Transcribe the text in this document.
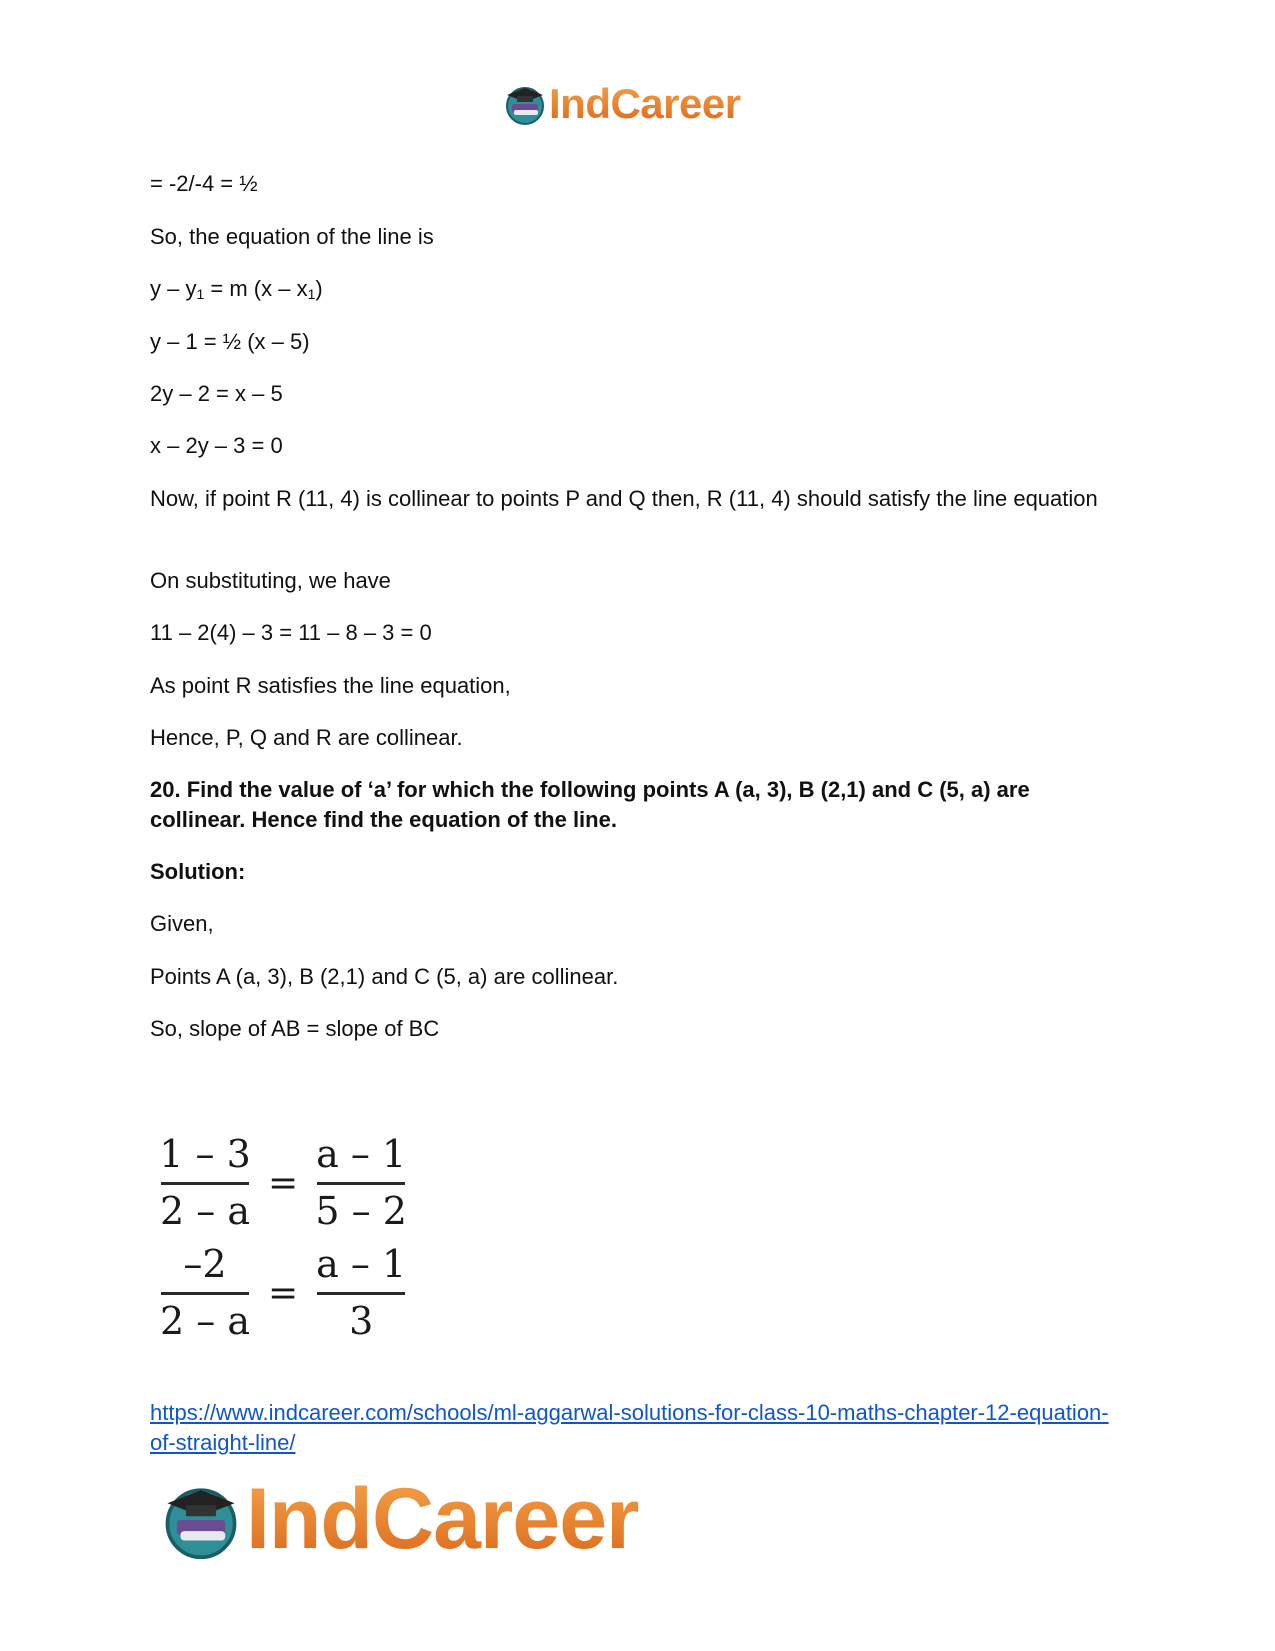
IndCareer

= -2/-4 = ½

So, the equation of the line is

$y - y_1 = m$ $(x - x_1)$

y – 1 = ½ (x – 5)

2y – 2 = x – 5

x – 2y – 3 = 0

Now, if point R (11, 4) is collinear to points P and Q then, R (11, 4) should satisfy the line equation

On substituting, we have

11 – 2(4) – 3 = 11 – 8 – 3 = 0

As point R satisfies the line equation,

Hence, P, Q and R are collinear.

20. Find the value of ‘a’ for which the following points A (a, 3), B (2,1) and C (5, a) are collinear. Hence find the equation of the line.

Solution:

Given,

Points A (a, 3), B (2,1) and C (5, a) are collinear.

So, slope of AB = slope of BC

$\frac{1 - 3}{2 - a} = \frac{a - 1}{5 - 2}$
$\frac{-2}{2 - a} = \frac{a - 1}{3}$

https://www.indcareer.com/schools/ml-aggarwal-solutions-for-class-10-maths-chapter-12-equation-of-straight-line/

IndCareer
